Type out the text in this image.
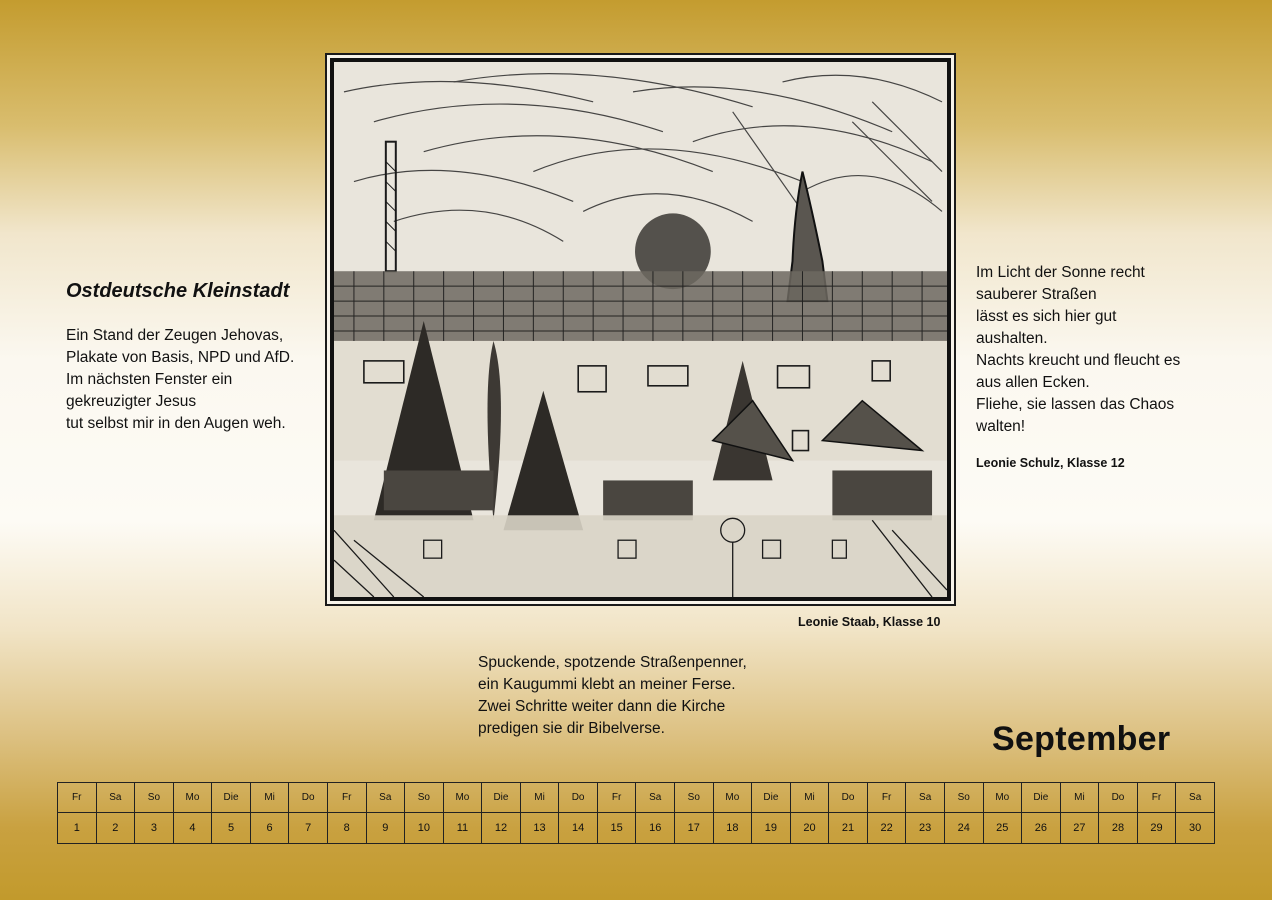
Ostdeutsche Kleinstadt
Ein Stand der Zeugen Jehovas,
Plakate von Basis, NPD und AfD.
Im nächsten Fenster ein
gekreuzigter Jesus
tut selbst mir in den Augen weh.
Leonie Staab, Klasse 10
Im Licht der Sonne recht
sauberer Straßen
lässt es sich hier gut
aushalten.
Nachts kreucht und fleucht es
aus allen Ecken.
Fliehe, sie lassen das Chaos
walten!
Leonie Schulz, Klasse 12
Spuckende, spotzende Straßenpenner,
ein Kaugummi klebt an meiner Ferse.
Zwei Schritte weiter dann die Kirche
predigen sie dir Bibelverse.	September
Fr	Sa	So	Mo	Die	Mi	Do	Fr	Sa	So	Mo	Die	Mi	Do	Fr	Sa	So	Mo	Die	Mi	Do	Fr	Sa	So	Mo	Die	Mi	Do	Fr	Sa
1	2	3	4	5	6	7	8	9	10	11	12	13	14	15	16	17	18	19	20	21	22	23	24	25	26	27	28	29	30
